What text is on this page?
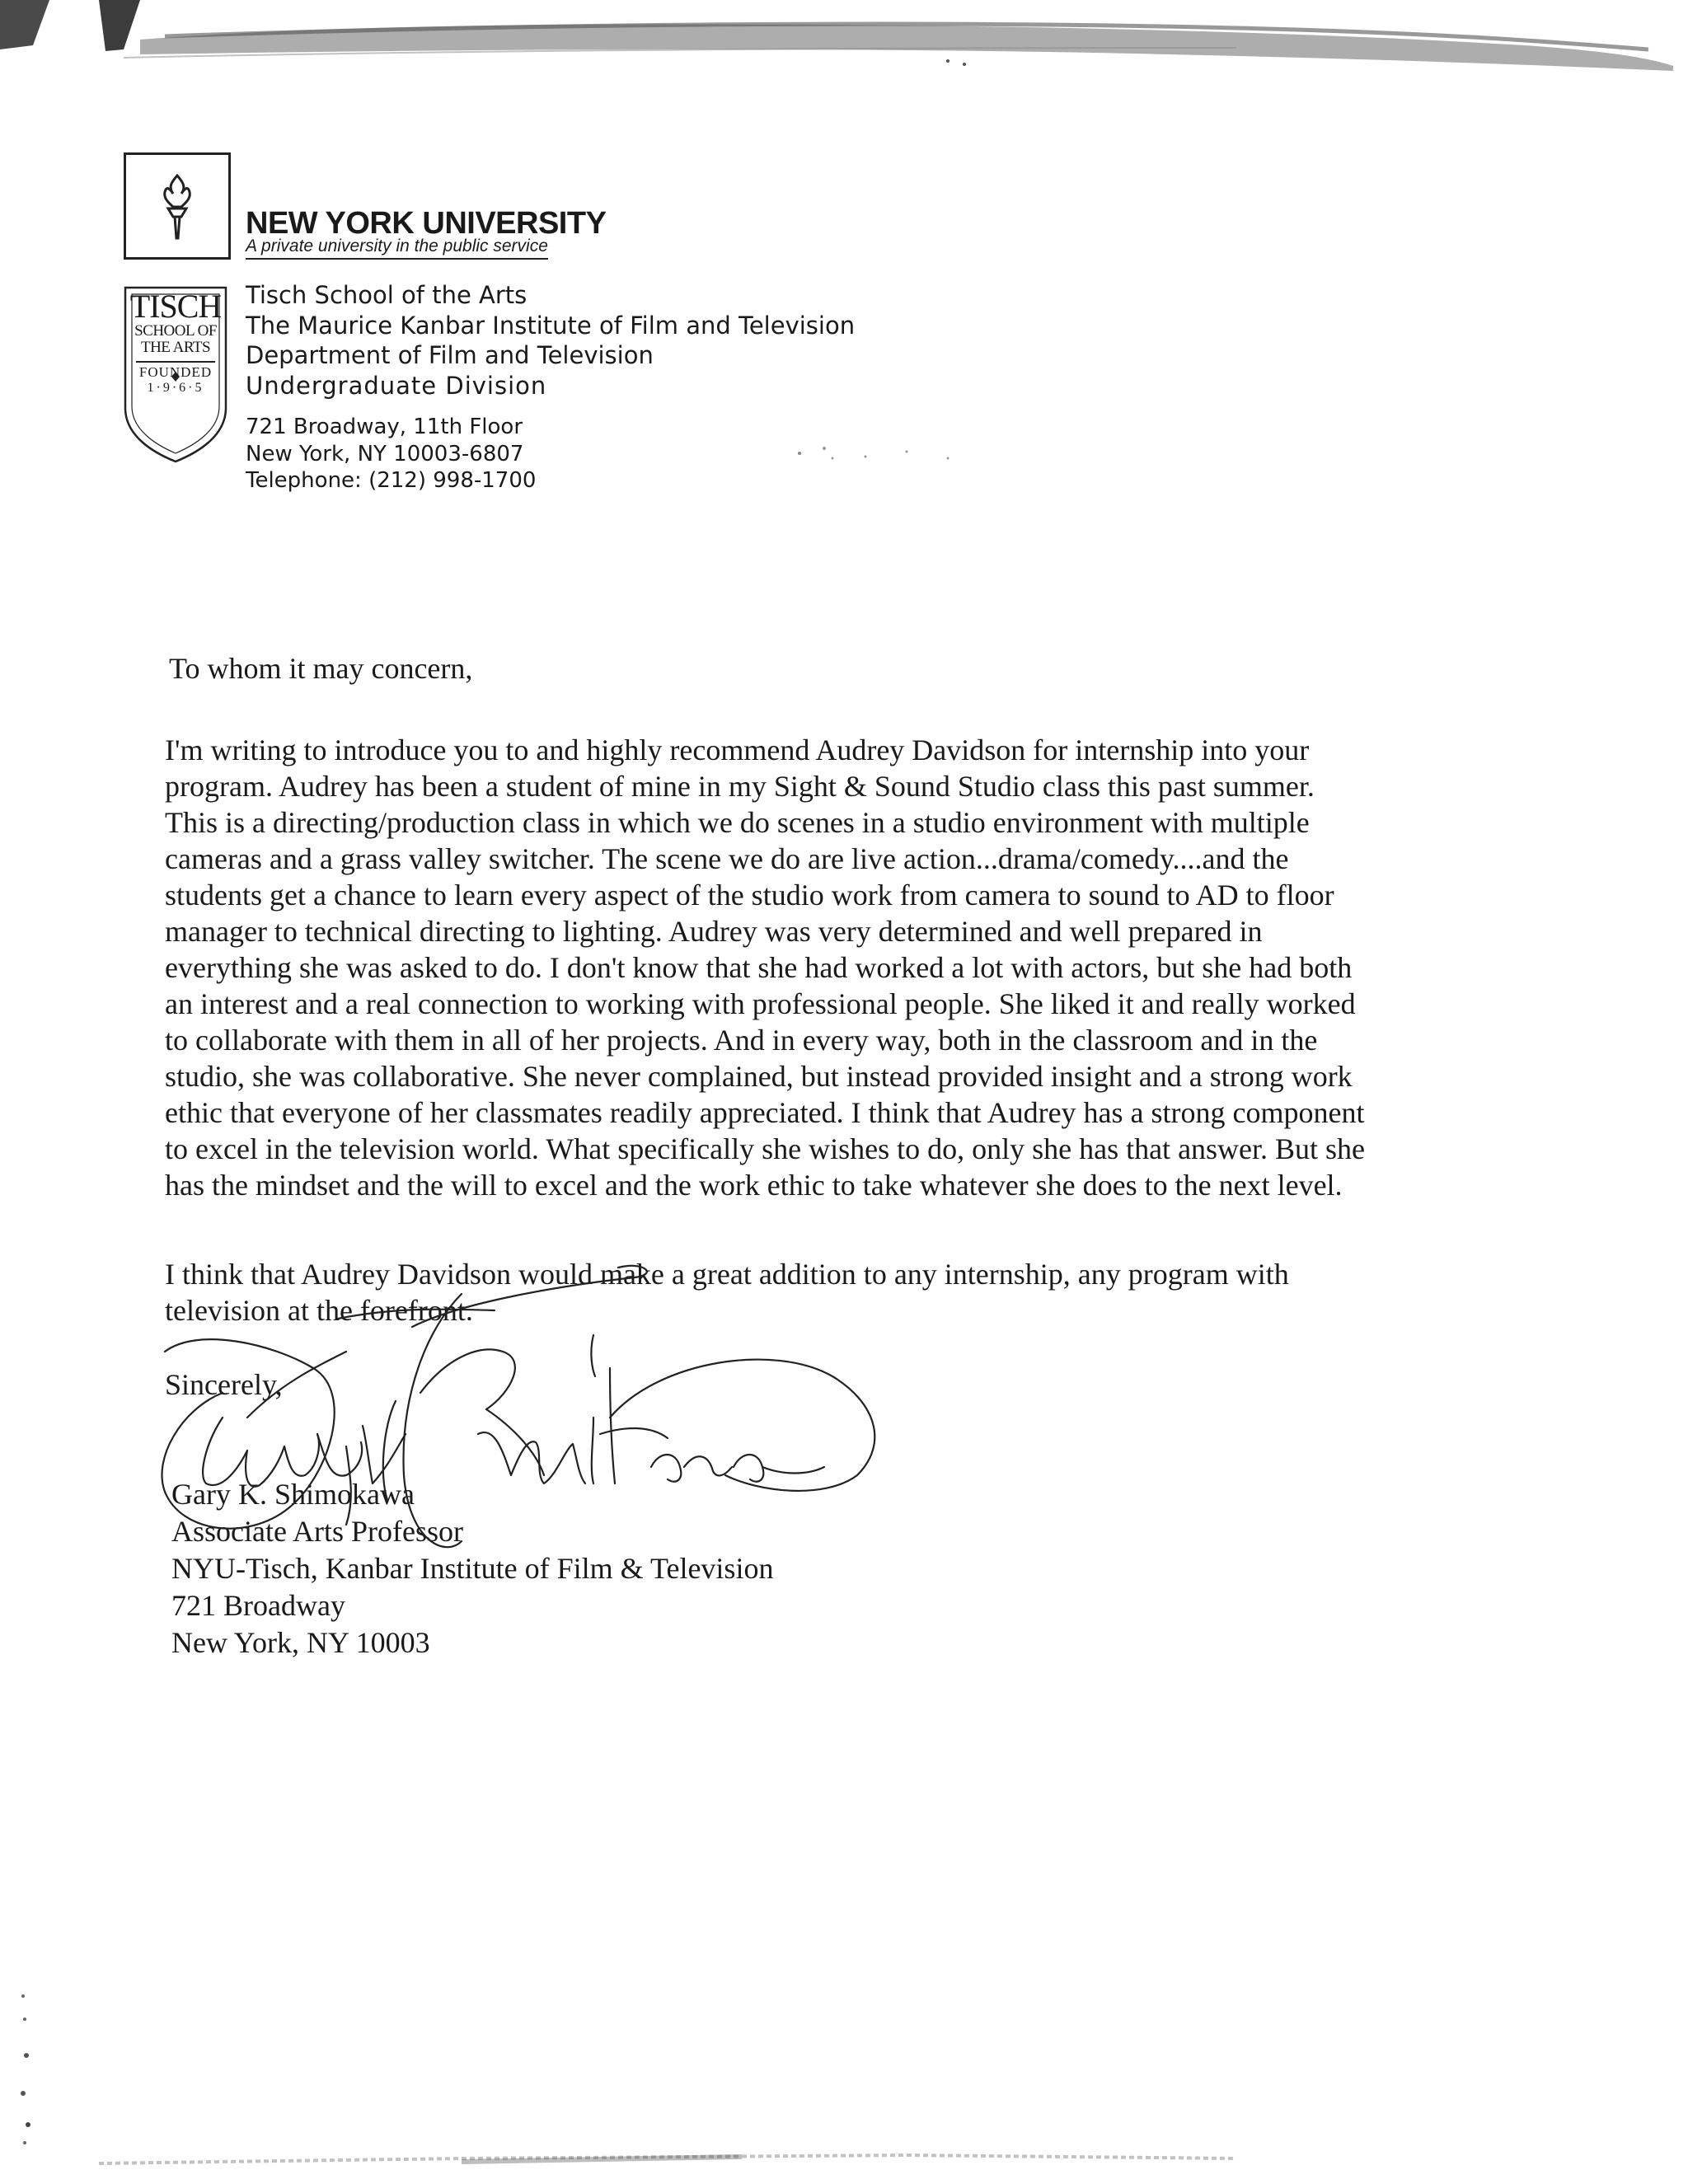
NEW YORK UNIVERSITY
A private university in the public service
TISCH
SCHOOL OF
THE ARTS
FOUNDED
1·9·6·5
Tisch School of the Arts
The Maurice Kanbar Institute of Film and Television
Department of Film and Television
Undergraduate Division
721 Broadway, 11th Floor
New York, NY 10003-6807
Telephone: (212) 998-1700
To whom it may concern,
I'm writing to introduce you to and highly recommend Audrey Davidson for internship into your
program. Audrey has been a student of mine in my Sight & Sound Studio class this past summer.
This is a directing/production class in which we do scenes in a studio environment with multiple
cameras and a grass valley switcher. The scene we do are live action...drama/comedy....and the
students get a chance to learn every aspect of the studio work from camera to sound to AD to floor
manager to technical directing to lighting. Audrey was very determined and well prepared in
everything she was asked to do. I don't know that she had worked a lot with actors, but she had both
an interest and a real connection to working with professional people. She liked it and really worked
to collaborate with them in all of her projects. And in every way, both in the classroom and in the
studio, she was collaborative. She never complained, but instead provided insight and a strong work
ethic that everyone of her classmates readily appreciated. I think that Audrey has a strong component
to excel in the television world. What specifically she wishes to do, only she has that answer. But she
has the mindset and the will to excel and the work ethic to take whatever she does to the next level.
I think that Audrey Davidson would make a great addition to any internship, any program with
television at the forefront.
Sincerely,
Gary K. Shimokawa
Associate Arts Professor
NYU-Tisch, Kanbar Institute of Film & Television
721 Broadway
New York, NY 10003
